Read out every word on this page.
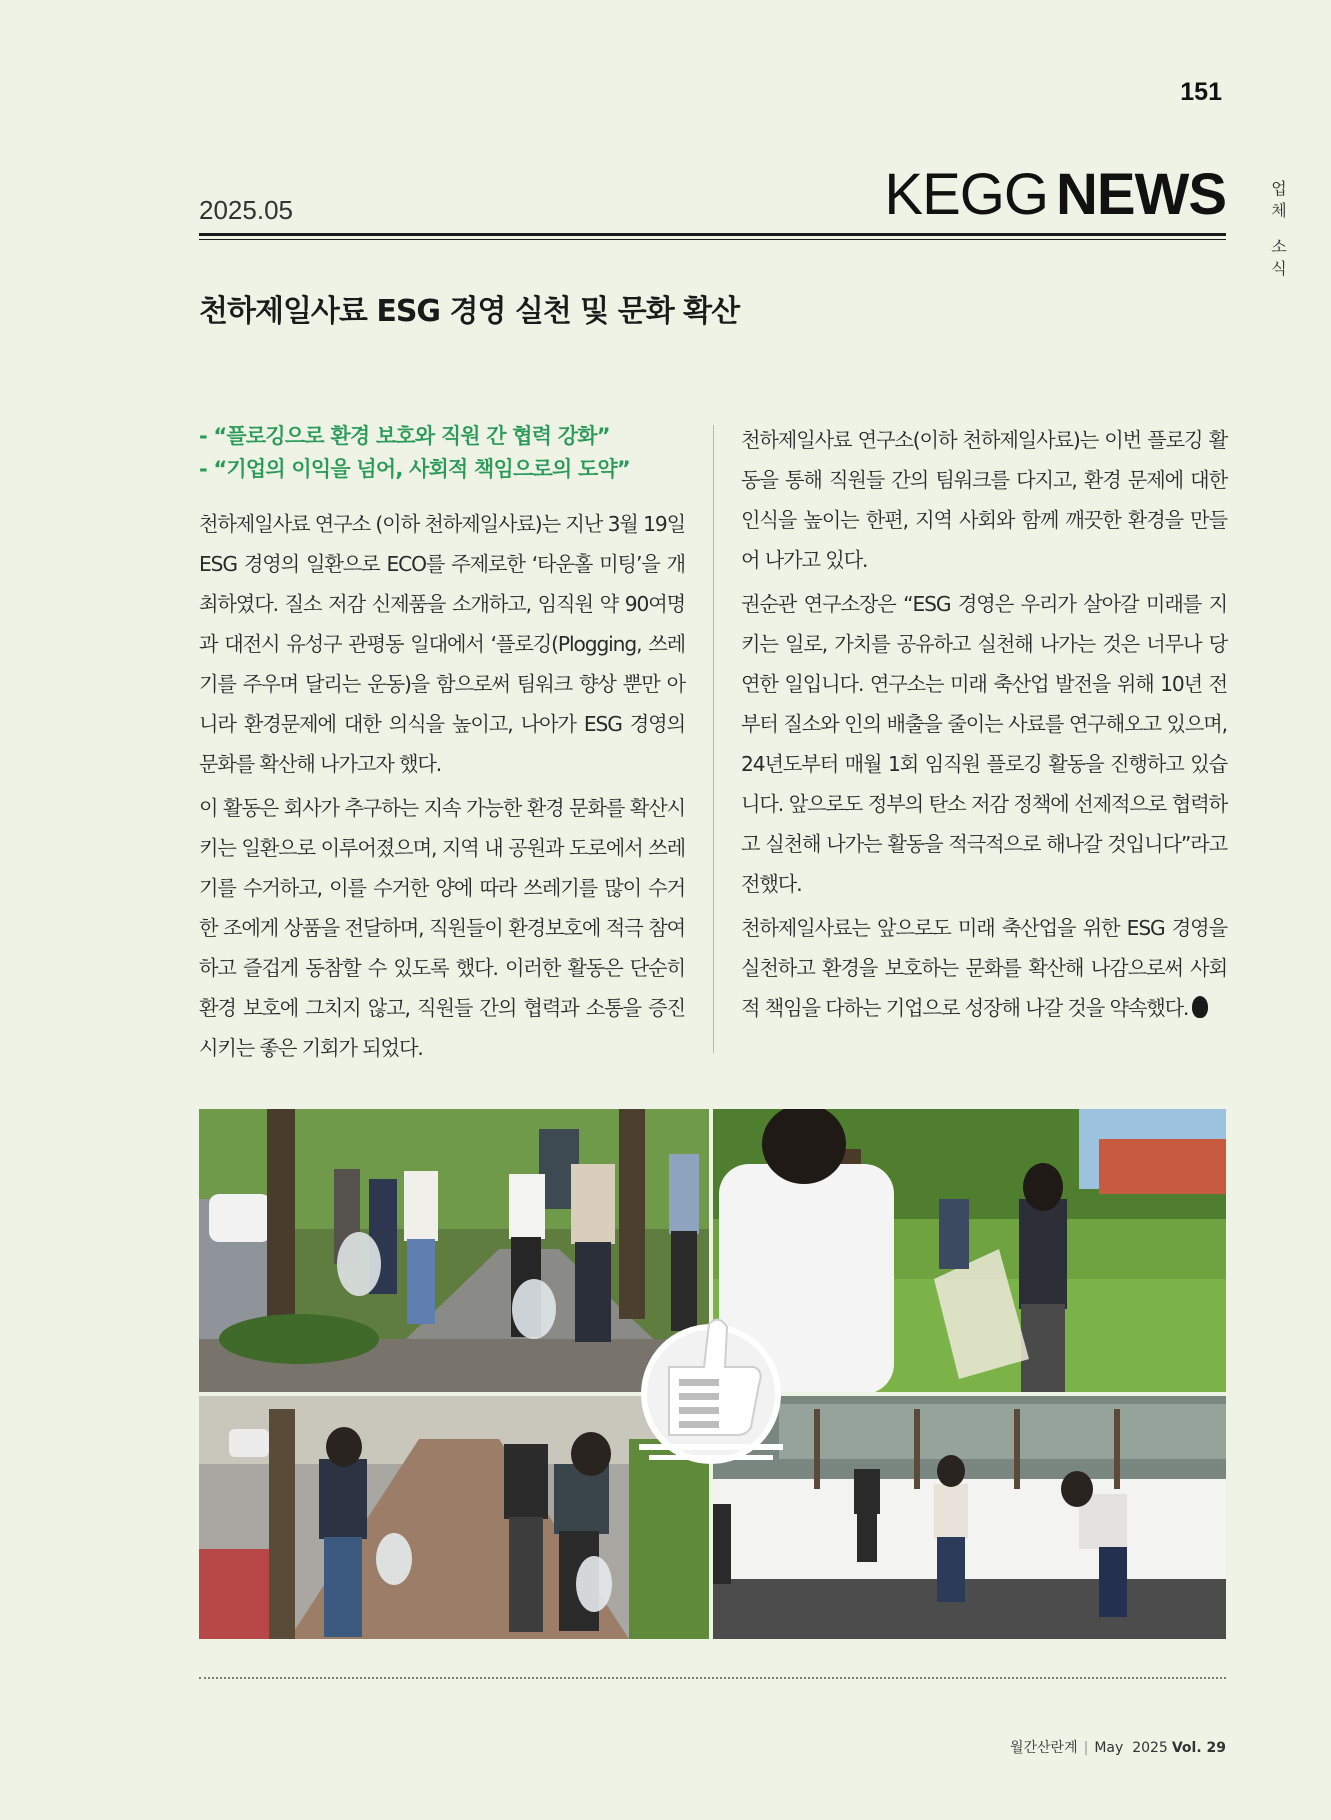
151
업체
소식
2025.05	KEGG NEWS
천하제일사료 ESG 경영 실천 및 문화 확산

- “플로깅으로 환경 보호와 직원 간 협력 강화”

- “기업의 이익을 넘어, 사회적 책임으로의 도약”

천하제일사료 연구소 (이하 천하제일사료)는 지난 3월 19일 ESG 경영의 일환으로 ECO를 주제로한 ‘타운홀 미팅’을 개최하였다. 질소 저감 신제품을 소개하고, 임직원 약 90여명과 대전시 유성구 관평동 일대에서 ‘플로깅(Plogging, 쓰레기를 주우며 달리는 운동)을 함으로써 팀워크 향상 뿐만 아니라 환경문제에 대한 의식을 높이고, 나아가 ESG 경영의 문화를 확산해 나가고자 했다.

이 활동은 회사가 추구하는 지속 가능한 환경 문화를 확산시키는 일환으로 이루어졌으며, 지역 내 공원과 도로에서 쓰레기를 수거하고, 이를 수거한 양에 따라 쓰레기를 많이 수거한 조에게 상품을 전달하며, 직원들이 환경보호에 적극 참여하고 즐겁게 동참할 수 있도록 했다. 이러한 활동은 단순히 환경 보호에 그치지 않고, 직원들 간의 협력과 소통을 증진시키는 좋은 기회가 되었다.

천하제일사료 연구소(이하 천하제일사료)는 이번 플로깅 활동을 통해 직원들 간의 팀워크를 다지고, 환경 문제에 대한 인식을 높이는 한편, 지역 사회와 함께 깨끗한 환경을 만들어 나가고 있다.

권순관 연구소장은 “ESG 경영은 우리가 살아갈 미래를 지키는 일로, 가치를 공유하고 실천해 나가는 것은 너무나 당연한 일입니다. 연구소는 미래 축산업 발전을 위해 10년 전부터 질소와 인의 배출을 줄이는 사료를 연구해오고 있으며, 24년도부터 매월 1회 임직원 플로깅 활동을 진행하고 있습니다. 앞으로도 정부의 탄소 저감 정책에 선제적으로 협력하고 실천해 나가는 활동을 적극적으로 해나갈 것입니다”라고 전했다.

천하제일사료는 앞으로도 미래 축산업을 위한 ESG 경영을 실천하고 환경을 보호하는 문화를 확산해 나감으로써 사회적 책임을 다하는 기업으로 성장해 나갈 것을 약속했다.

월간산란계 | May 2025 Vol. 29
